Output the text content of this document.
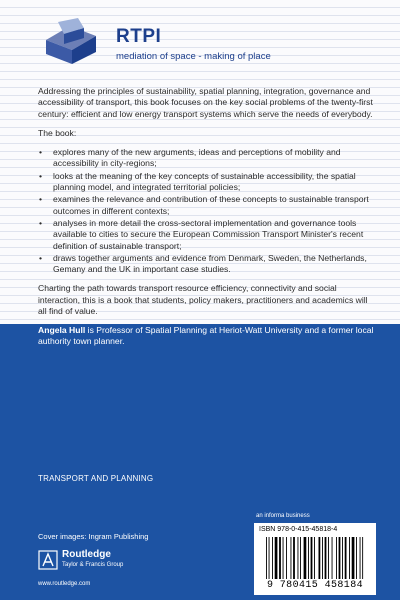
RTPI
mediation of space - making of place

Addressing the principles of sustainability, spatial planning, integration, governance and accessibility of transport, this book focuses on the key social problems of the twenty-first century: efficient and low energy transport systems which serve the needs of everybody.

The book:

• explores many of the new arguments, ideas and perceptions of mobility and accessibility in city-regions;
• looks at the meaning of the key concepts of sustainable accessibility, the spatial planning model, and integrated territorial policies;
• examines the relevance and contribution of these concepts to sustainable transport outcomes in different contexts;
• analyses in more detail the cross-sectoral implementation and governance tools available to cities to secure the European Commission Transport Minister's recent definition of sustainable transport;
• draws together arguments and evidence from Denmark, Sweden, the Netherlands, Gemany and the UK in important case studies.

Charting the path towards transport resource efficiency, connectivity and social interaction, this is a book that students, policy makers, practitioners and academics will all find of value.

Angela Hull is Professor of Spatial Planning at Heriot-Watt University and a former local authority town planner.
TRANSPORT AND PLANNING
Cover images: Ingram Publishing
Routledge
Taylor & Francis Group
www.routledge.com
an informa business
ISBN 978-0-415-45818-4
9 780415 458184
